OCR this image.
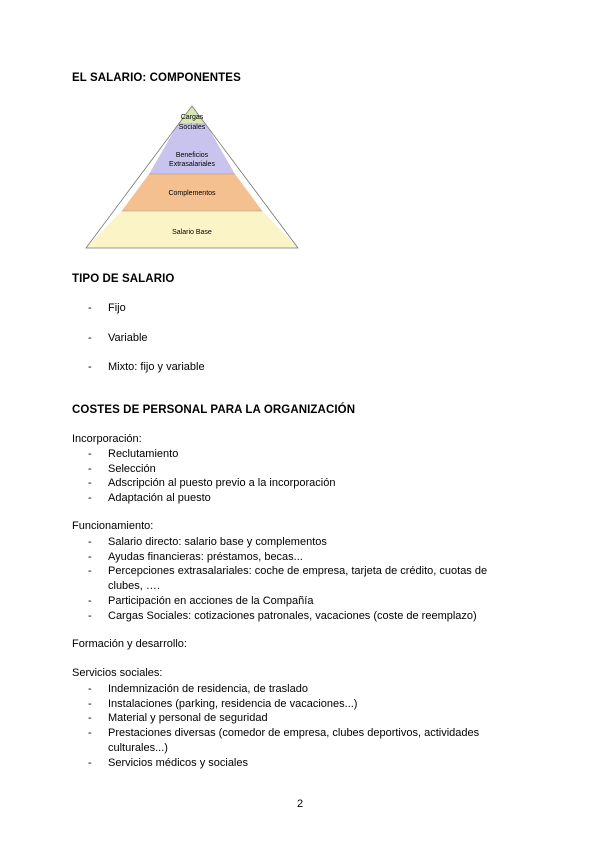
EL SALARIO: COMPONENTES
Cargas
Sociales
Beneficios
Extrasalariales
Complementos
Salario Base
TIPO DE SALARIO
- Fijo
- Variable
- Mixto: fijo y variable
COSTES DE PERSONAL PARA LA ORGANIZACIÓN
Incorporación:
- Reclutamiento
- Selección
- Adscripción al puesto previo a la incorporación
- Adaptación al puesto
Funcionamiento:
- Salario directo: salario base y complementos
- Ayudas financieras: préstamos, becas...
- Percepciones extrasalariales: coche de empresa, tarjeta de crédito, cuotas de clubes, ….
- Participación en acciones de la Compañía
- Cargas Sociales: cotizaciones patronales, vacaciones (coste de reemplazo)
Formación y desarrollo:
Servicios sociales:
- Indemnización de residencia, de traslado
- Instalaciones (parking, residencia de vacaciones...)
- Material y personal de seguridad
- Prestaciones diversas (comedor de empresa, clubes deportivos, actividades culturales...)
- Servicios médicos y sociales
2
